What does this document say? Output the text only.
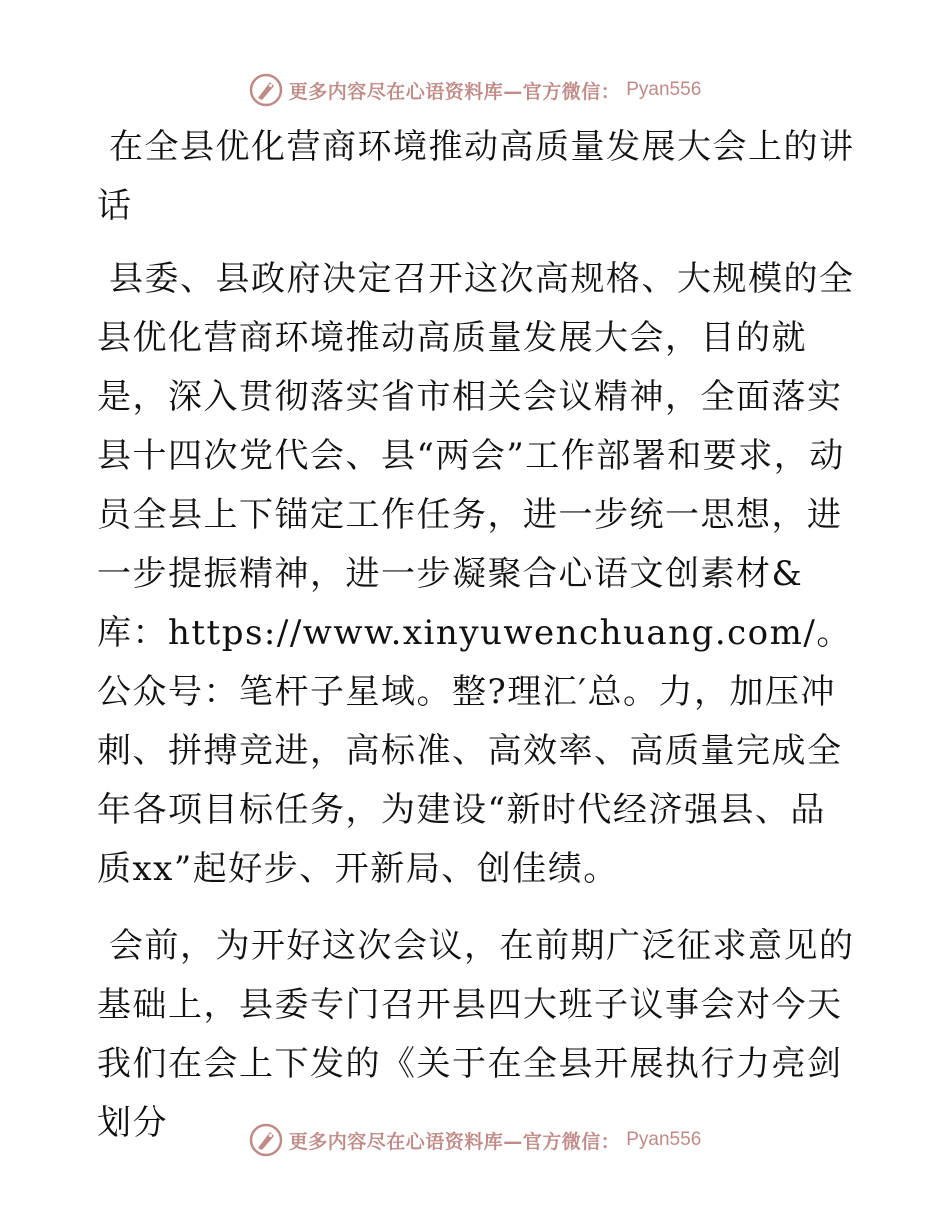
更多内容尽在心语资料库—官方微信： Pyan556

在全县优化营商环境推动高质量发展大会上的讲话

县委、县政府决定召开这次高规格、大规模的全县优化营商环境推动高质量发展大会，目的就是，深入贯彻落实省市相关会议精神，全面落实县十四次党代会、县“两会”工作部署和要求，动员全县上下锚定工作任务，进一步统一思想，进一步提振精神，进一步凝聚合心语文创素材&库：https://www.xinyuwenchuang.com/。公众号：笔杆子星域。整?理汇′总。力，加压冲刺、拼搏竞进，高标准、高效率、高质量完成全年各项目标任务，为建设“新时代经济强县、品质xx”起好步、开新局、创佳绩。

会前，为开好这次会议，在前期广泛征求意见的基础上，县委专门召开县四大班子议事会对今天我们在会上下发的《关于在全县开展执行力亮剑划分	更多内容尽在心语资料库—官方微信： Pyan556
